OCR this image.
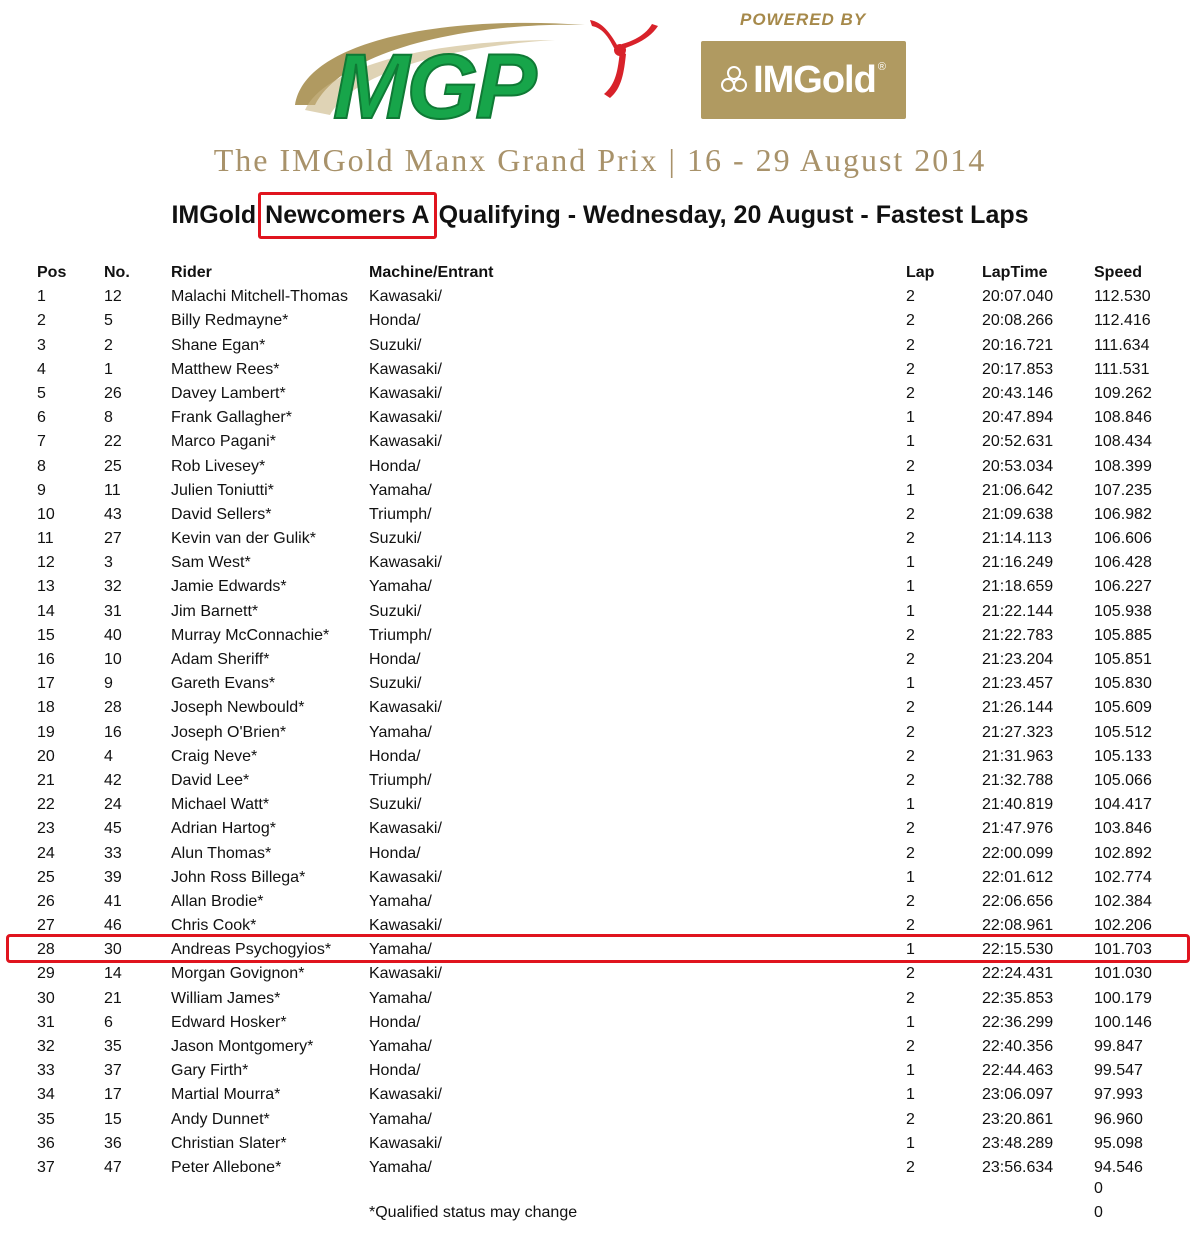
MGP
POWERED BY
IMGold ®
The IMGold Manx Grand Prix | 16 - 29 August 2014
IMGold Newcomers A Qualifying - Wednesday, 20 August - Fastest Laps
Pos No.	Rider	Machine/Entrant	Lap	LapTime	Speed
1	12	Malachi Mitchell-Thomas Kawasaki/	2	20:07.040	112.530
2	5	Billy Redmayne*	Honda/	2	20:08.266	112.416
3	2	Shane Egan*	Suzuki/	2	20:16.721	111.634
4	1	Matthew Rees*	Kawasaki/	2	20:17.853	111.531
5	26	Davey Lambert*	Kawasaki/	2	20:43.146	109.262
6	8	Frank Gallagher*	Kawasaki/	1	20:47.894	108.846
7	22	Marco Pagani*	Kawasaki/	1	20:52.631	108.434
8	25	Rob Livesey*	Honda/	2	20:53.034	108.399
9	11	Julien Toniutti*	Yamaha/	1	21:06.642	107.235
10	43	David Sellers*	Triumph/	2	21:09.638	106.982
11	27	Kevin van der Gulik*	Suzuki/	2	21:14.113	106.606
12	3	Sam West*	Kawasaki/	1	21:16.249	106.428
13	32	Jamie Edwards*	Yamaha/	1	21:18.659	106.227
14	31	Jim Barnett*	Suzuki/	1	21:22.144	105.938
15	40	Murray McConnachie* Triumph/	2	21:22.783	105.885
16	10	Adam Sheriff*	Honda/	2	21:23.204	105.851
17	9	Gareth Evans*	Suzuki/	1	21:23.457	105.830
18	28	Joseph Newbould*	Kawasaki/	2	21:26.144	105.609
19	16	Joseph O'Brien*	Yamaha/	2	21:27.323	105.512
20	4	Craig Neve*	Honda/	2	21:31.963	105.133
21	42	David Lee*	Triumph/	2	21:32.788	105.066
22	24	Michael Watt*	Suzuki/	1	21:40.819	104.417
23	45	Adrian Hartog*	Kawasaki/	2	21:47.976	103.846
24	33	Alun Thomas*	Honda/	2	22:00.099	102.892
25	39	John Ross Billega*	Kawasaki/	1	22:01.612	102.774
26	41	Allan Brodie*	Yamaha/	2	22:06.656	102.384
27	46	Chris Cook*	Kawasaki/	2	22:08.961	102.206
28	30	Andreas Psychogyios* Yamaha/	1	22:15.530	101.703
29	14	Morgan Govignon*	Kawasaki/	2	22:24.431	101.030
30	21	William James*	Yamaha/	2	22:35.853	100.179
31	6	Edward Hosker*	Honda/	1	22:36.299	100.146
32	35	Jason Montgomery*	Yamaha/	2	22:40.356	99.847
33	37	Gary Firth*	Honda/	1	22:44.463	99.547
34	17	Martial Mourra*	Kawasaki/	1	23:06.097	97.993
35	15	Andy Dunnet*	Yamaha/	2	23:20.861	96.960
36	36	Christian Slater*	Kawasaki/	1	23:48.289	95.098
37	47	Peter Allebone*	Yamaha/	2	23:56.634	94.546
0
*Qualified status may change	0
